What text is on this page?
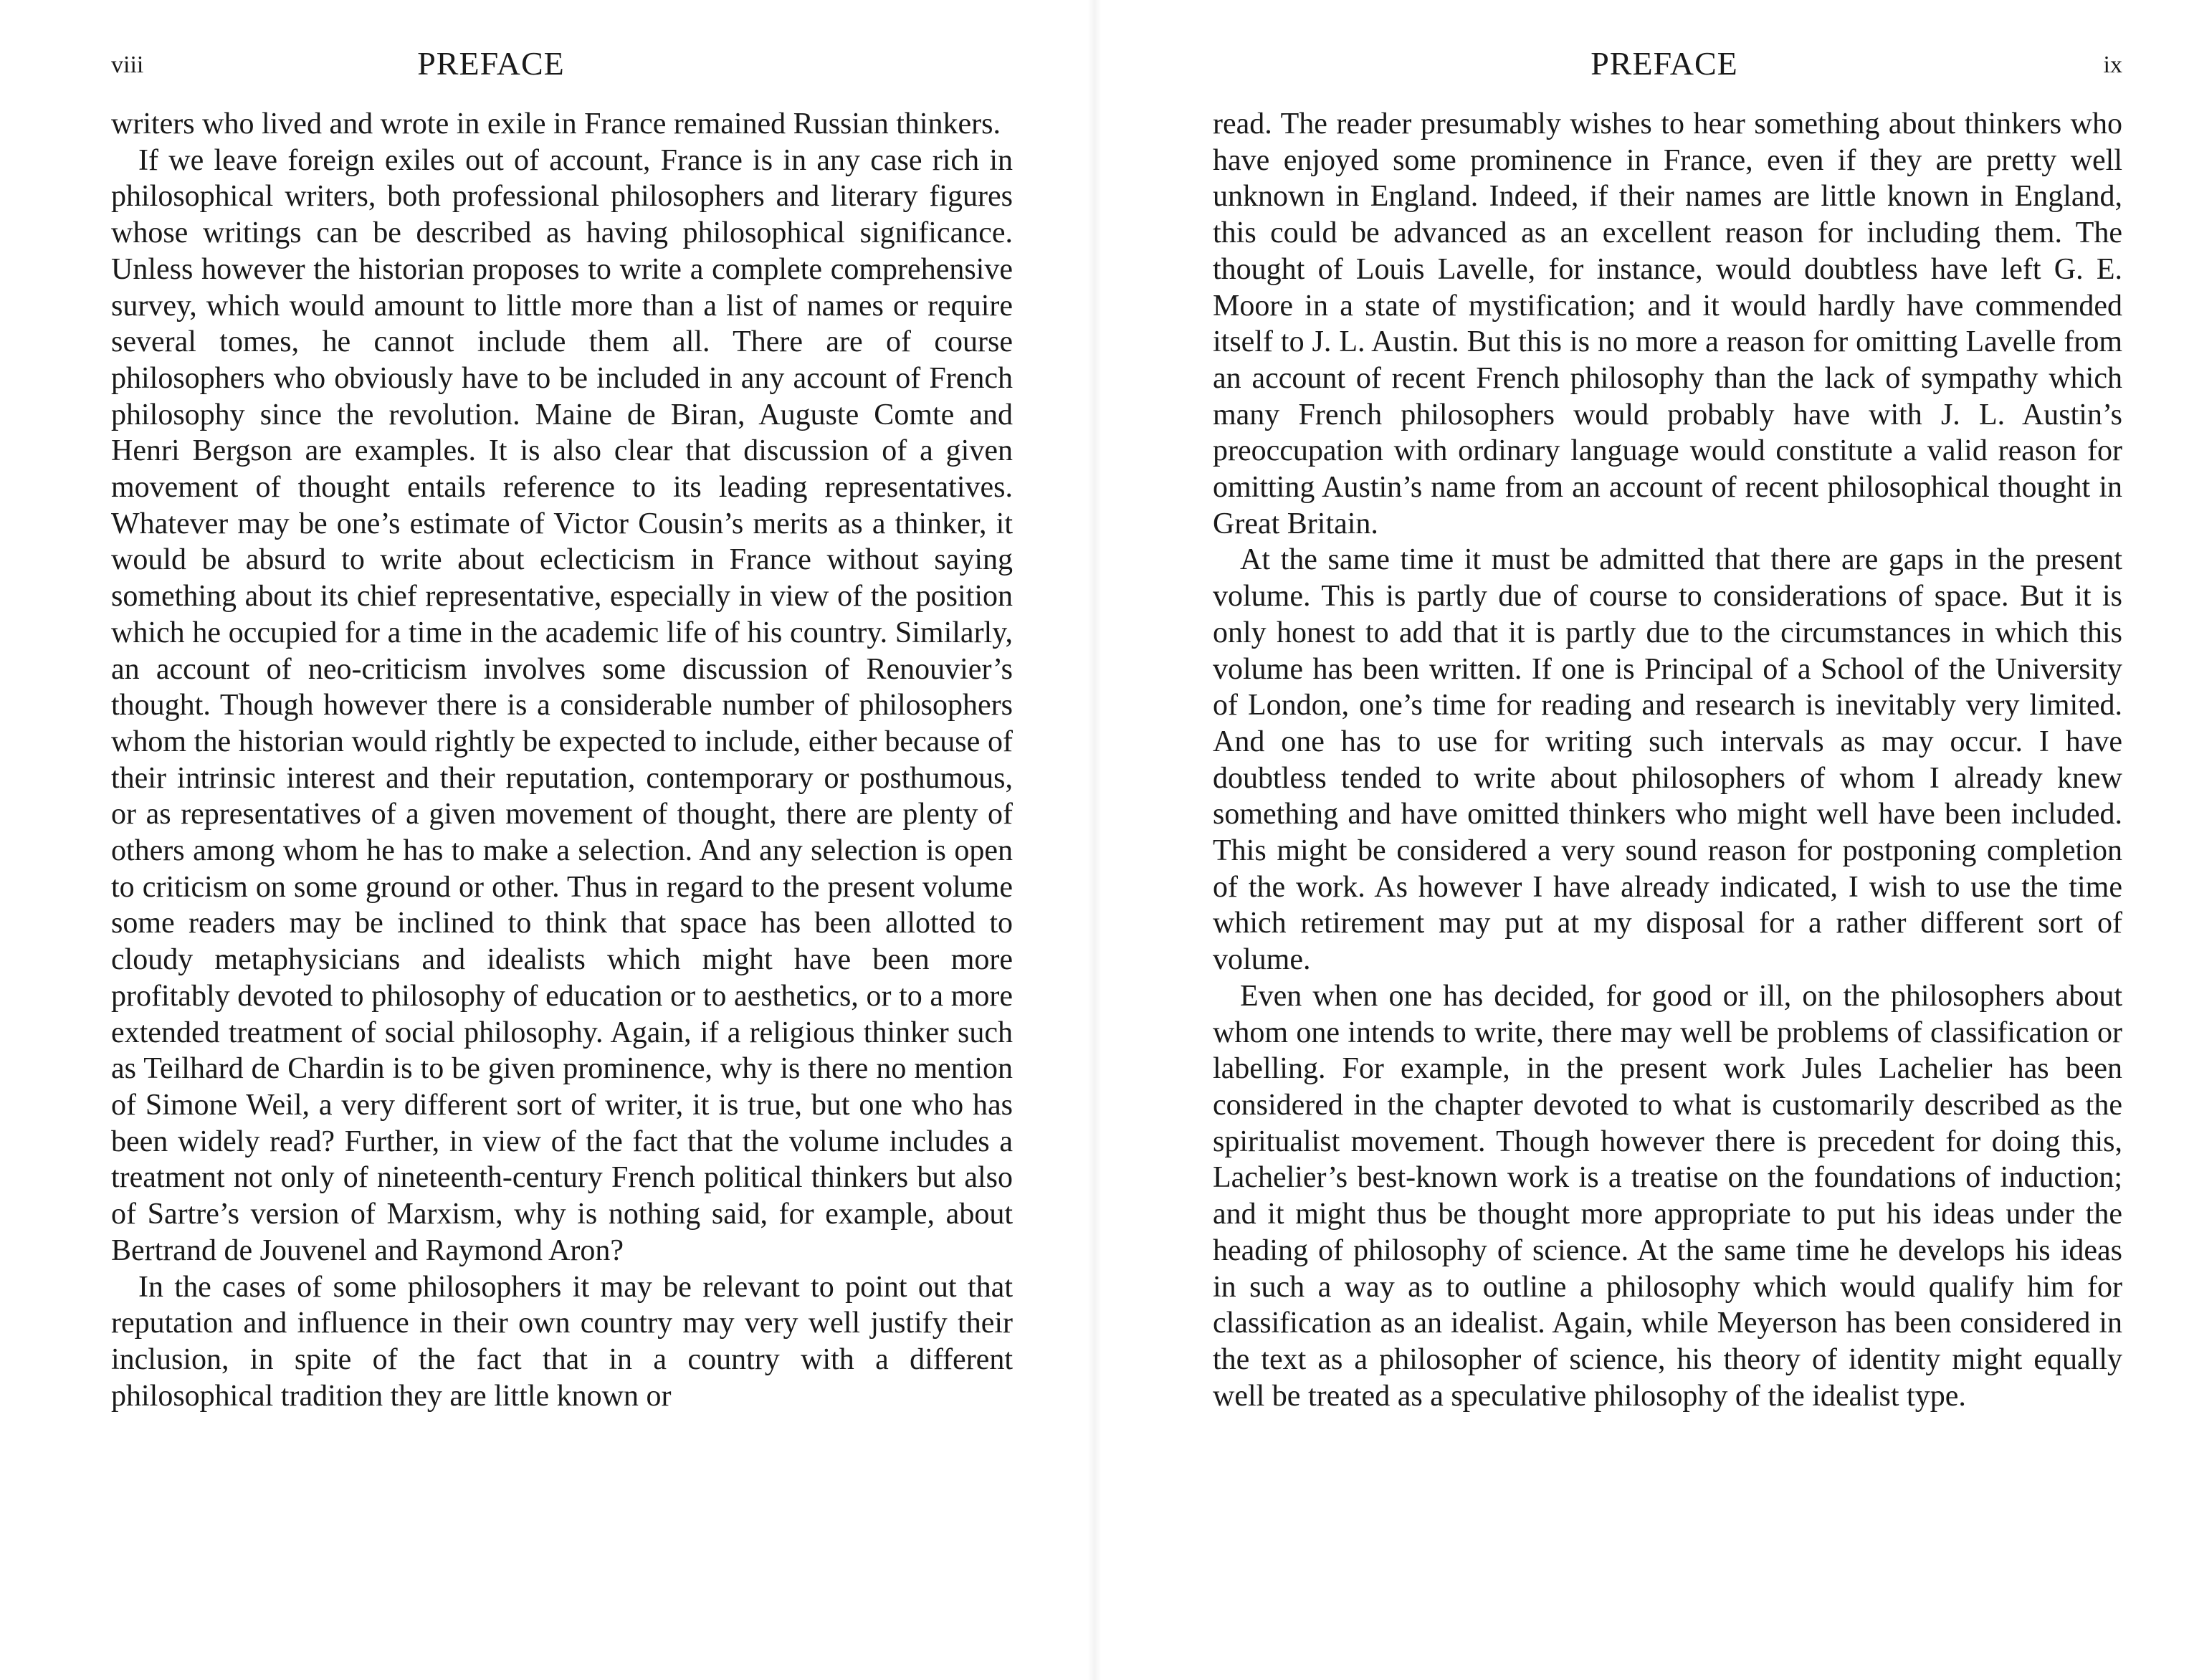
viii	PREFACE

writers who lived and wrote in exile in France remained Russian thinkers.

If we leave foreign exiles out of account, France is in any case rich in philosophical writers, both professional philosophers and literary figures whose writings can be described as having philosophical significance. Unless however the historian proposes to write a complete comprehensive survey, which would amount to little more than a list of names or require several tomes, he cannot include them all. There are of course philosophers who obviously have to be included in any account of French philosophy since the revolution. Maine de Biran, Auguste Comte and Henri Bergson are examples. It is also clear that discussion of a given movement of thought entails reference to its leading representatives. Whatever may be one’s estimate of Victor Cousin’s merits as a thinker, it would be absurd to write about eclecticism in France without saying something about its chief representative, especially in view of the position which he occupied for a time in the academic life of his country. Similarly, an account of neo-criticism involves some discussion of Renouvier’s thought. Though however there is a considerable number of philosophers whom the historian would rightly be expected to include, either because of their intrinsic interest and their reputation, contemporary or posthumous, or as representatives of a given movement of thought, there are plenty of others among whom he has to make a selection. And any selection is open to criticism on some ground or other. Thus in regard to the present volume some readers may be inclined to think that space has been allotted to cloudy metaphysicians and idealists which might have been more profitably devoted to philosophy of education or to aesthetics, or to a more extended treatment of social philosophy. Again, if a religious thinker such as Teilhard de Chardin is to be given prominence, why is there no mention of Simone Weil, a very different sort of writer, it is true, but one who has been widely read? Further, in view of the fact that the volume includes a treatment not only of nineteenth-century French political thinkers but also of Sartre’s version of Marxism, why is nothing said, for example, about Bertrand de Jouvenel and Raymond Aron?

In the cases of some philosophers it may be relevant to point out that reputation and influence in their own country may very well justify their inclusion, in spite of the fact that in a country with a different philosophical tradition they are little known or

PREFACE	ix

read. The reader presumably wishes to hear something about thinkers who have enjoyed some prominence in France, even if they are pretty well unknown in England. Indeed, if their names are little known in England, this could be advanced as an excellent reason for including them. The thought of Louis Lavelle, for instance, would doubtless have left G. E. Moore in a state of mystification; and it would hardly have commended itself to J. L. Austin. But this is no more a reason for omitting Lavelle from an account of recent French philosophy than the lack of sympathy which many French philosophers would probably have with J. L. Austin’s preoccupation with ordinary language would constitute a valid reason for omitting Austin’s name from an account of recent philosophical thought in Great Britain.

At the same time it must be admitted that there are gaps in the present volume. This is partly due of course to considerations of space. But it is only honest to add that it is partly due to the circumstances in which this volume has been written. If one is Principal of a School of the University of London, one’s time for reading and research is inevitably very limited. And one has to use for writing such intervals as may occur. I have doubtless tended to write about philosophers of whom I already knew something and have omitted thinkers who might well have been included. This might be considered a very sound reason for postponing completion of the work. As however I have already indicated, I wish to use the time which retirement may put at my disposal for a rather different sort of volume.

Even when one has decided, for good or ill, on the philosophers about whom one intends to write, there may well be problems of classification or labelling. For example, in the present work Jules Lachelier has been considered in the chapter devoted to what is customarily described as the spiritualist movement. Though however there is precedent for doing this, Lachelier’s best-known work is a treatise on the foundations of induction; and it might thus be thought more appropriate to put his ideas under the heading of philosophy of science. At the same time he develops his ideas in such a way as to outline a philosophy which would qualify him for classification as an idealist. Again, while Meyerson has been considered in the text as a philosopher of science, his theory of identity might equally well be treated as a speculative philosophy of the idealist type.
